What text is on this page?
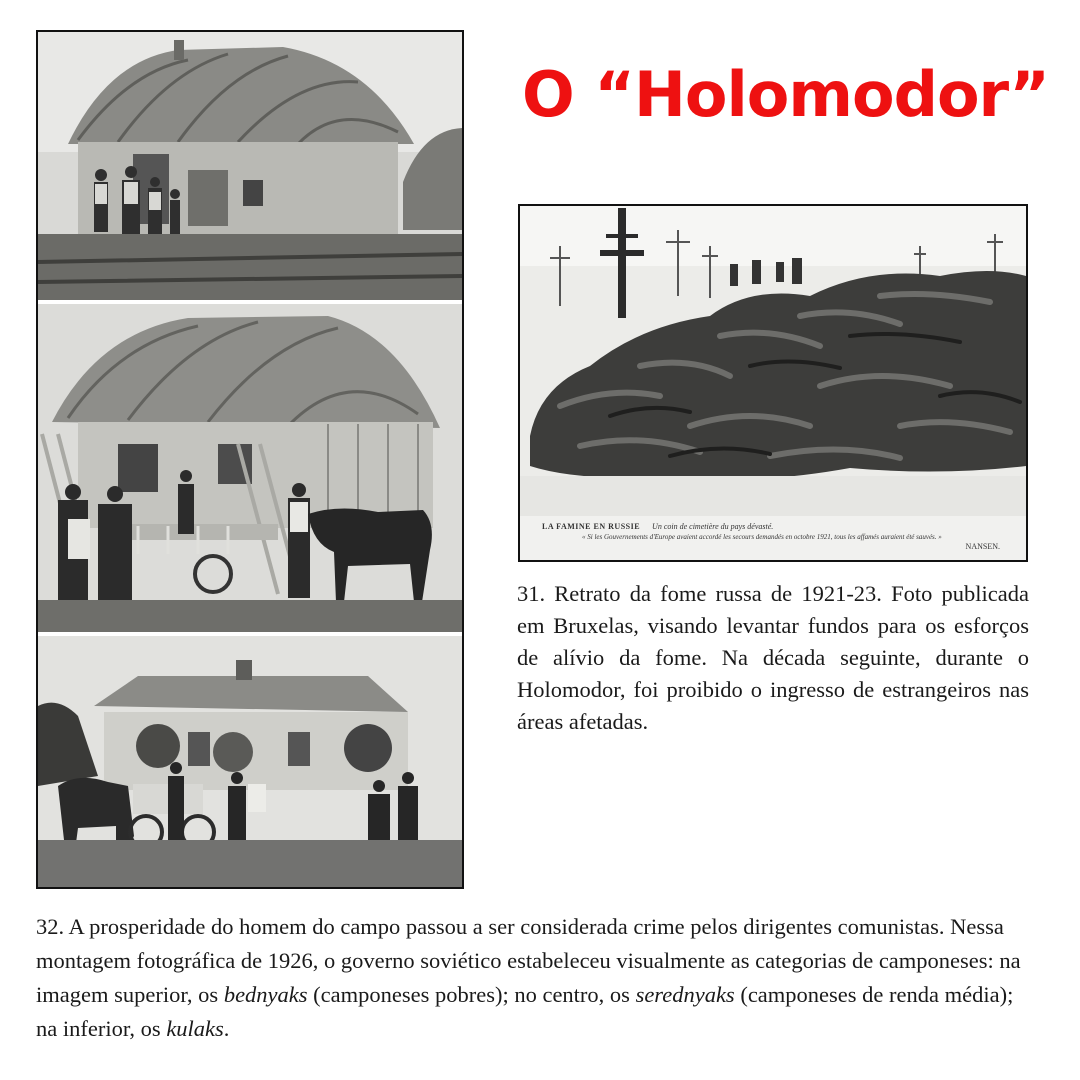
O “Holomodor”
LA FAMINE EN RUSSIE Un coin de cimetière du pays dévasté.
« Si les Gouvernements d'Europe avaient accordé les secours demandés en octobre 1921, tous les affamés auraient été sauvés. »
NANSEN.

31. Retrato da fome russa de 1921-23. Foto publicada em Bruxelas, visando levantar fundos para os esforços de alívio da fome. Na década seguinte, durante o Holomodor, foi proibido o ingresso de estrangeiros nas áreas afetadas.

32. A prosperidade do homem do campo passou a ser considerada crime pelos dirigentes comunistas. Nessa montagem fotográfica de 1926, o governo soviético estabeleceu visualmente as categorias de camponeses: na imagem superior, os bednyaks (camponeses pobres); no centro, os serednyaks (camponeses de renda média); na inferior, os kulaks.
